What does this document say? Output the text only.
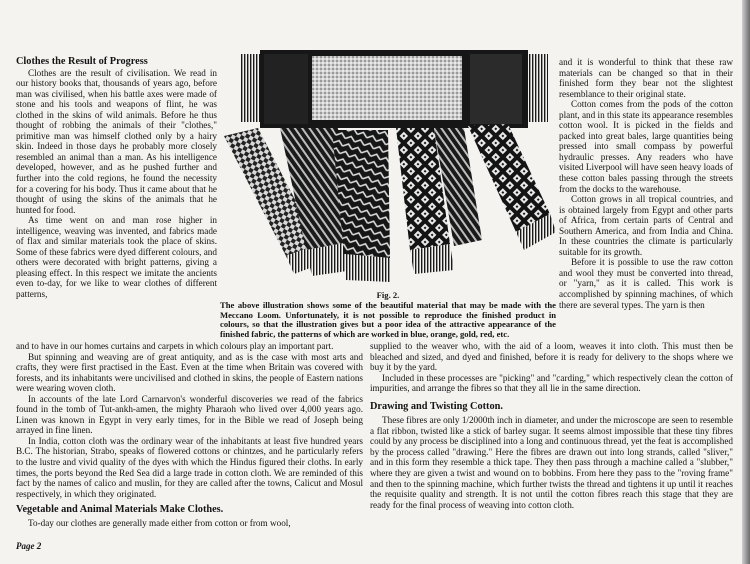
Clothes the Result of Progress

Clothes are the result of civilisation. We read in our history books that, thousands of years ago, before man was civilised, when his battle axes were made of stone and his tools and weapons of flint, he was clothed in the skins of wild animals. Before he thus thought of robbing the animals of their "clothes," primitive man was himself clothed only by a hairy skin. Indeed in those days he probably more closely resembled an animal than a man. As his intelligence developed, however, and as he pushed further and further into the cold regions, he found the necessity for a covering for his body. Thus it came about that he thought of using the skins of the animals that he hunted for food.

As time went on and man rose higher in intelligence, weaving was invented, and fabrics made of flax and similar materials took the place of skins. Some of these fabrics were dyed different colours, and others were decorated with bright patterns, giving a pleasing effect. In this respect we imitate the ancients even to-day, for we like to wear clothes of different patterns,

and to have in our homes curtains and carpets in which colours play an important part.

But spinning and weaving are of great antiquity, and as is the case with most arts and crafts, they were first practised in the East. Even at the time when Britain was covered with forests, and its inhabitants were uncivilised and clothed in skins, the people of Eastern nations were wearing woven cloth.

In accounts of the late Lord Carnarvon's wonderful discoveries we read of the fabrics found in the tomb of Tut-ankh-amen, the mighty Pharaoh who lived over 4,000 years ago. Linen was known in Egypt in very early times, for in the Bible we read of Joseph being arrayed in fine linen.

In India, cotton cloth was the ordinary wear of the inhabitants at least five hundred years B.C. The historian, Strabo, speaks of flowered cottons or chintzes, and he particularly refers to the lustre and vivid quality of the dyes with which the Hindus figured their cloths. In early times, the ports beyond the Red Sea did a large trade in cotton cloth. We are reminded of this fact by the names of calico and muslin, for they are called after the towns, Calicut and Mosul respectively, in which they originated.

Vegetable and Animal Materials Make Clothes.

To-day our clothes are generally made either from cotton or from wool,

and it is wonderful to think that these raw materials can be changed so that in their finished form they bear not the slightest resemblance to their original state.

Cotton comes from the pods of the cotton plant, and in this state its appearance resembles cotton wool. It is picked in the fields and packed into great bales, large quantities being pressed into small compass by powerful hydraulic presses. Any readers who have visited Liverpool will have seen heavy loads of these cotton bales passing through the streets from the docks to the warehouse.

Cotton grows in all tropical countries, and is obtained largely from Egypt and other parts of Africa, from certain parts of Central and Southern America, and from India and China. In these countries the climate is particularly suitable for its growth.

Before it is possible to use the raw cotton and wool they must be converted into thread, or "yarn," as it is called. This work is accomplished by spinning machines, of which there are several types. The yarn is then

supplied to the weaver who, with the aid of a loom, weaves it into cloth. This must then be bleached and sized, and dyed and finished, before it is ready for delivery to the shops where we buy it by the yard.

Included in these processes are "picking" and "carding," which respectively clean the cotton of impurities, and arrange the fibres so that they all lie in the same direction.

Drawing and Twisting Cotton.

These fibres are only 1/2000th inch in diameter, and under the microscope are seen to resemble a flat ribbon, twisted like a stick of barley sugar. It seems almost impossible that these tiny fibres could by any process be disciplined into a long and continuous thread, yet the feat is accomplished by the process called "drawing." Here the fibres are drawn out into long strands, called "sliver," and in this form they resemble a thick tape. They then pass through a machine called a "slubber," where they are given a twist and wound on to bobbins. From here they pass to the "roving frame" and then to the spinning machine, which further twists the thread and tightens it up until it reaches the requisite quality and strength. It is not until the cotton fibres reach this stage that they are ready for the final process of weaving into cotton cloth.

Fig. 2.
The above illustration shows some of the beautiful material that may be made with the Meccano Loom. Unfortunately, it is not possible to reproduce the finished product in colours, so that the illustration gives but a poor idea of the attractive appearance of the finished fabric, the patterns of which are worked in blue, orange, gold, red, etc.
Page 2
